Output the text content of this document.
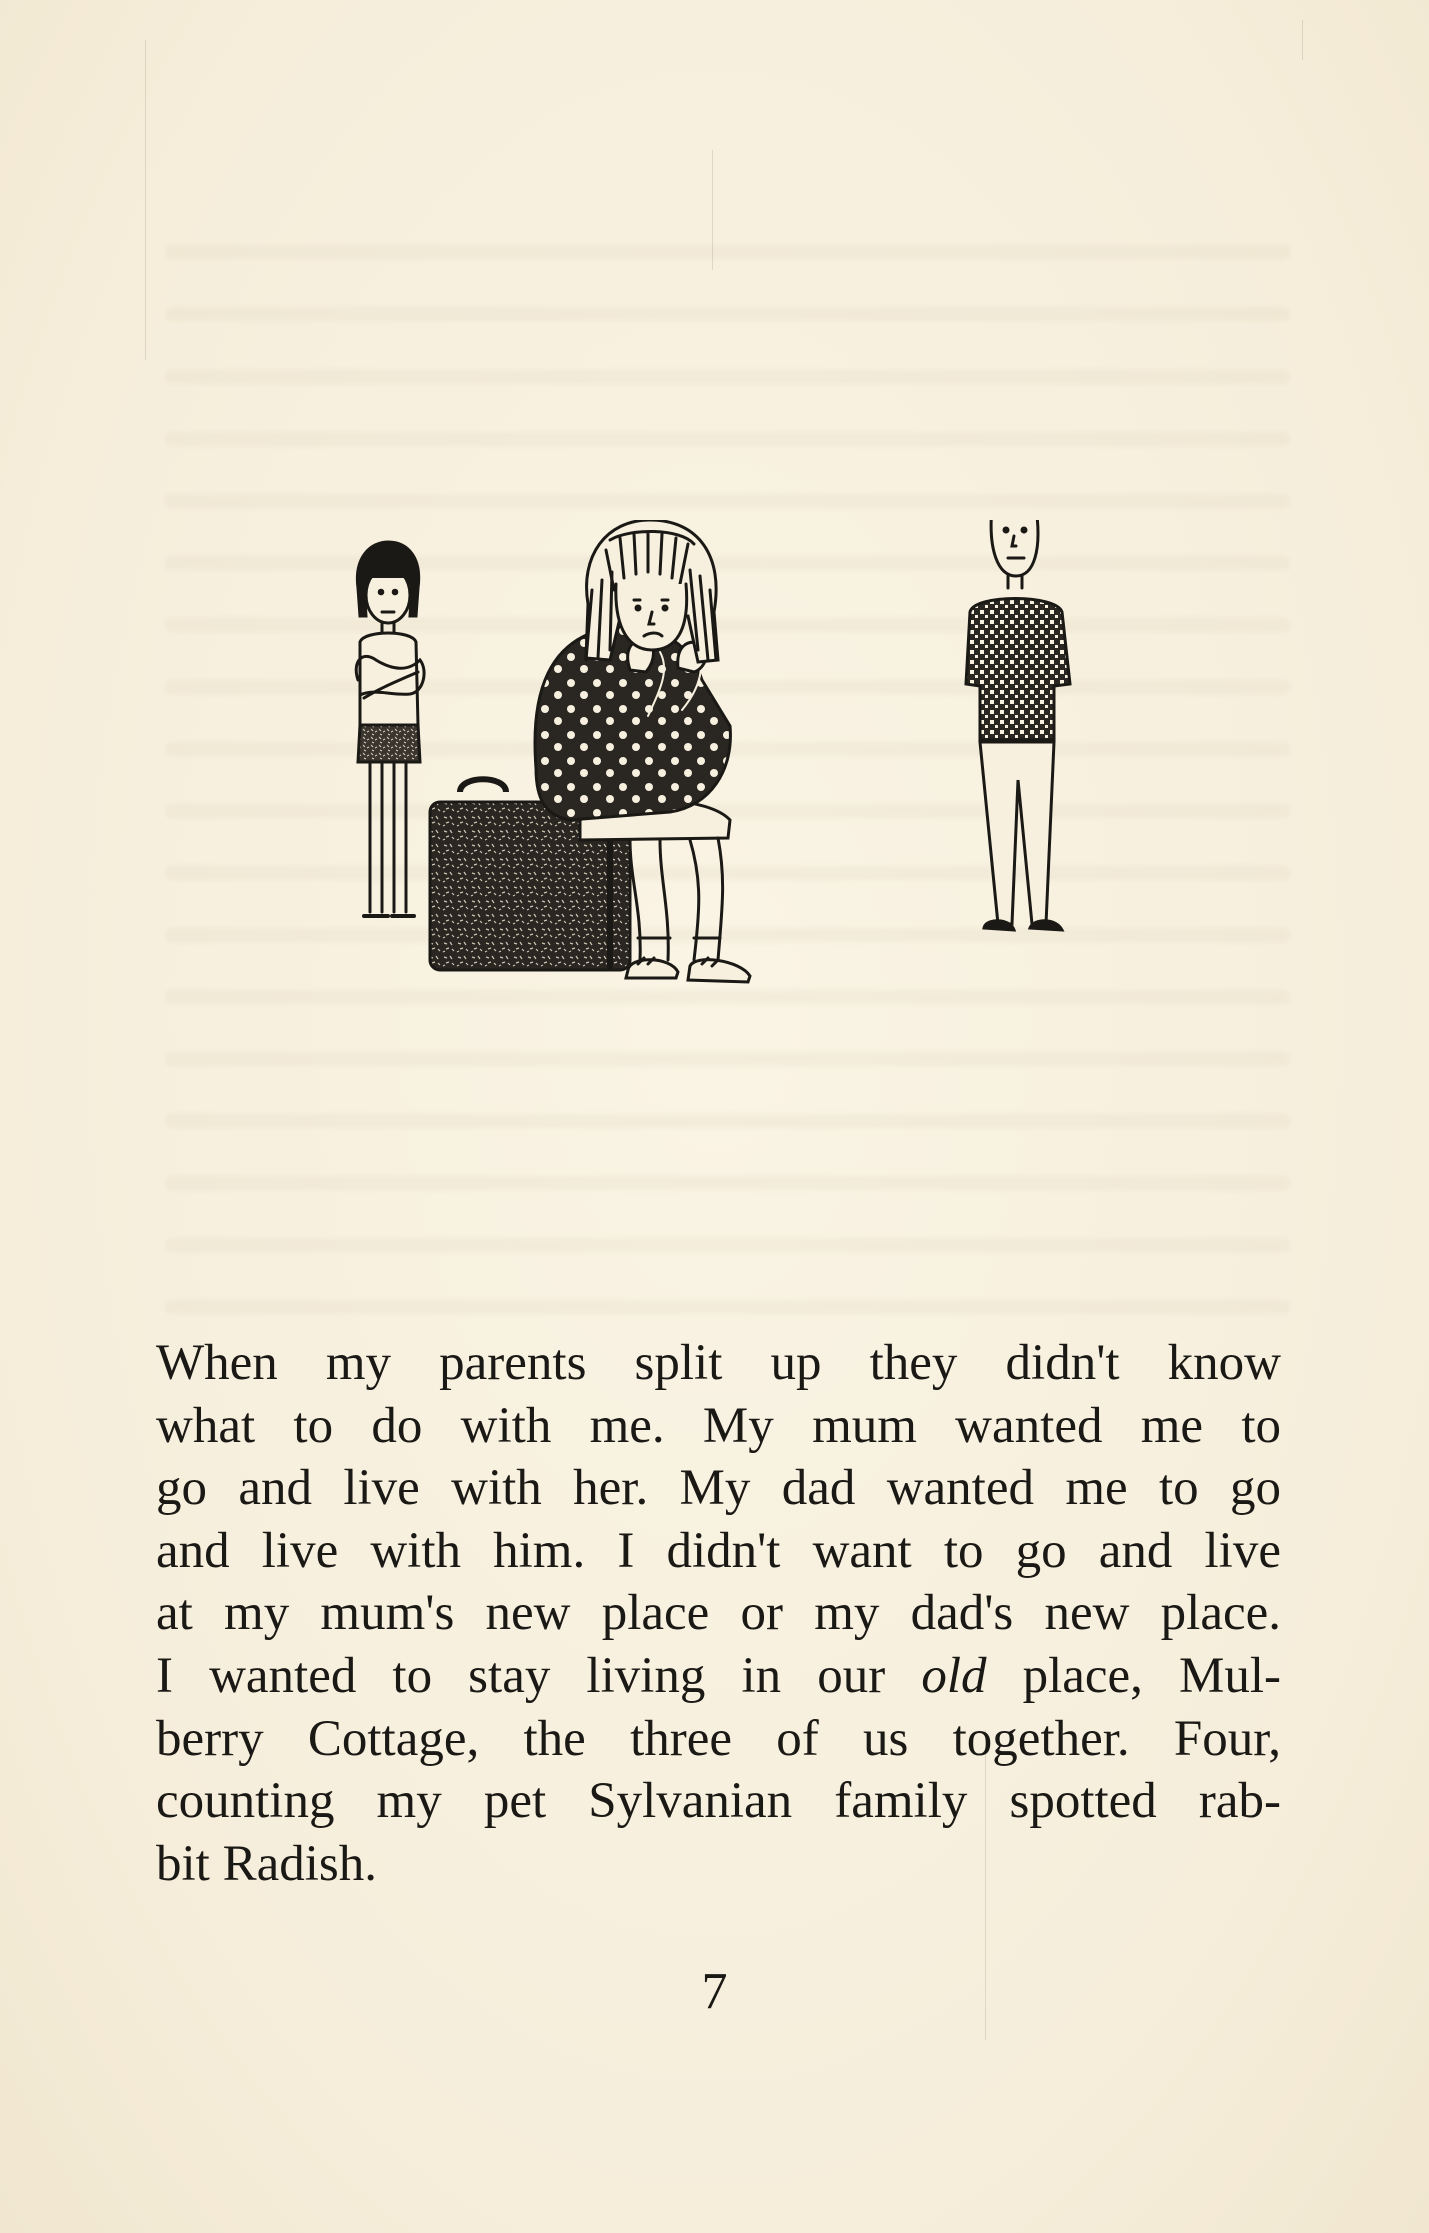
When my parents split up they didn't know
what to do with me. My mum wanted me to
go and live with her. My dad wanted me to go
and live with him. I didn't want to go and live
at my mum's new place or my dad's new place.
I wanted to stay living in our old place, Mul-
berry Cottage, the three of us together. Four,
counting my pet Sylvanian family spotted rab-
bit Radish.

7
